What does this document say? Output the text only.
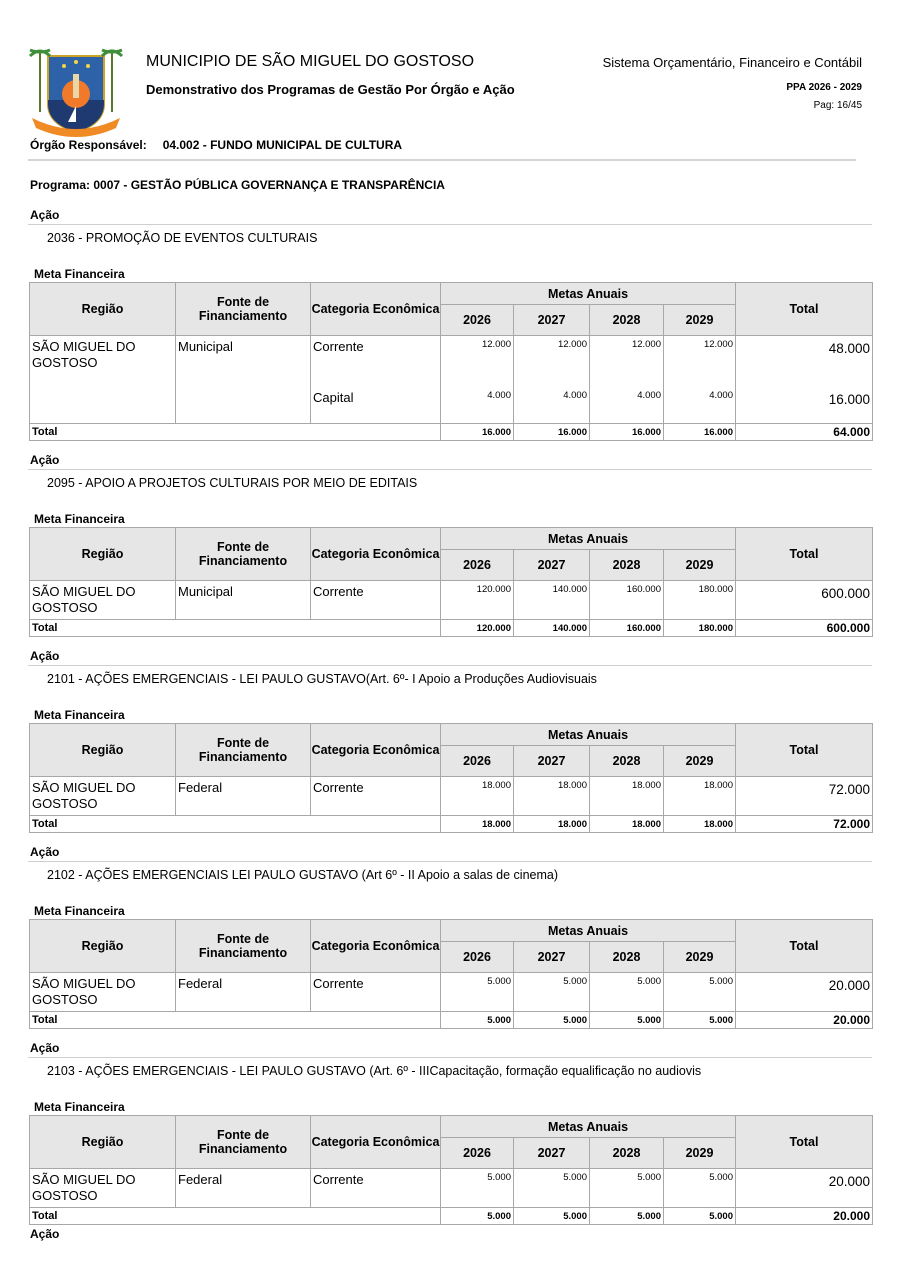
MUNICIPIO DE SÃO MIGUEL DO GOSTOSO
Demonstrativo dos Programas de Gestão Por Órgão e Ação
Sistema Orçamentário, Financeiro e Contábil
PPA 2026 - 2029
Pag: 16/45
Órgão Responsável: 04.002 - FUNDO MUNICIPAL DE CULTURA
Programa: 0007 - GESTÃO PÚBLICA GOVERNANÇA E TRANSPARÊNCIA
Ação
2036 - PROMOÇÃO DE EVENTOS CULTURAIS
Meta Financeira
Região	Fonte de Financiamento	Categoria Econômica	Metas Anuais				Total
			2026	2027	2028	2029	
SÃO MIGUEL DO GOSTOSO	Municipal	Corrente	12.000	12.000	12.000	12.000	48.000
		Capital	4.000	4.000	4.000	4.000	16.000
Total			16.000	16.000	16.000	16.000	64.000
Ação
2095 - APOIO A PROJETOS CULTURAIS POR MEIO DE EDITAIS
Meta Financeira
Região	Fonte de Financiamento	Categoria Econômica	Metas Anuais				Total
			2026	2027	2028	2029	
SÃO MIGUEL DO GOSTOSO	Municipal	Corrente	120.000	140.000	160.000	180.000	600.000
Total			120.000	140.000	160.000	180.000	600.000
Ação
2101 - AÇÕES EMERGENCIAIS - LEI PAULO GUSTAVO(Art. 6º- I Apoio a Produções Audiovisuais
Meta Financeira
Região	Fonte de Financiamento	Categoria Econômica	Metas Anuais				Total
			2026	2027	2028	2029	
SÃO MIGUEL DO GOSTOSO	Federal	Corrente	18.000	18.000	18.000	18.000	72.000
Total			18.000	18.000	18.000	18.000	72.000
Ação
2102 - AÇÕES EMERGENCIAIS LEI PAULO GUSTAVO (Art 6º - II Apoio a salas de cinema)
Meta Financeira
Região	Fonte de Financiamento	Categoria Econômica	Metas Anuais				Total
			2026	2027	2028	2029	
SÃO MIGUEL DO GOSTOSO	Federal	Corrente	5.000	5.000	5.000	5.000	20.000
Total			5.000	5.000	5.000	5.000	20.000
Ação
2103 - AÇÕES EMERGENCIAIS - LEI PAULO GUSTAVO (Art. 6º - IIICapacitação, formação equalificação no audiovis
Meta Financeira
Região	Fonte de Financiamento	Categoria Econômica	Metas Anuais				Total
			2026	2027	2028	2029	
SÃO MIGUEL DO GOSTOSO	Federal	Corrente	5.000	5.000	5.000	5.000	20.000
Total			5.000	5.000	5.000	5.000	20.000
Ação
